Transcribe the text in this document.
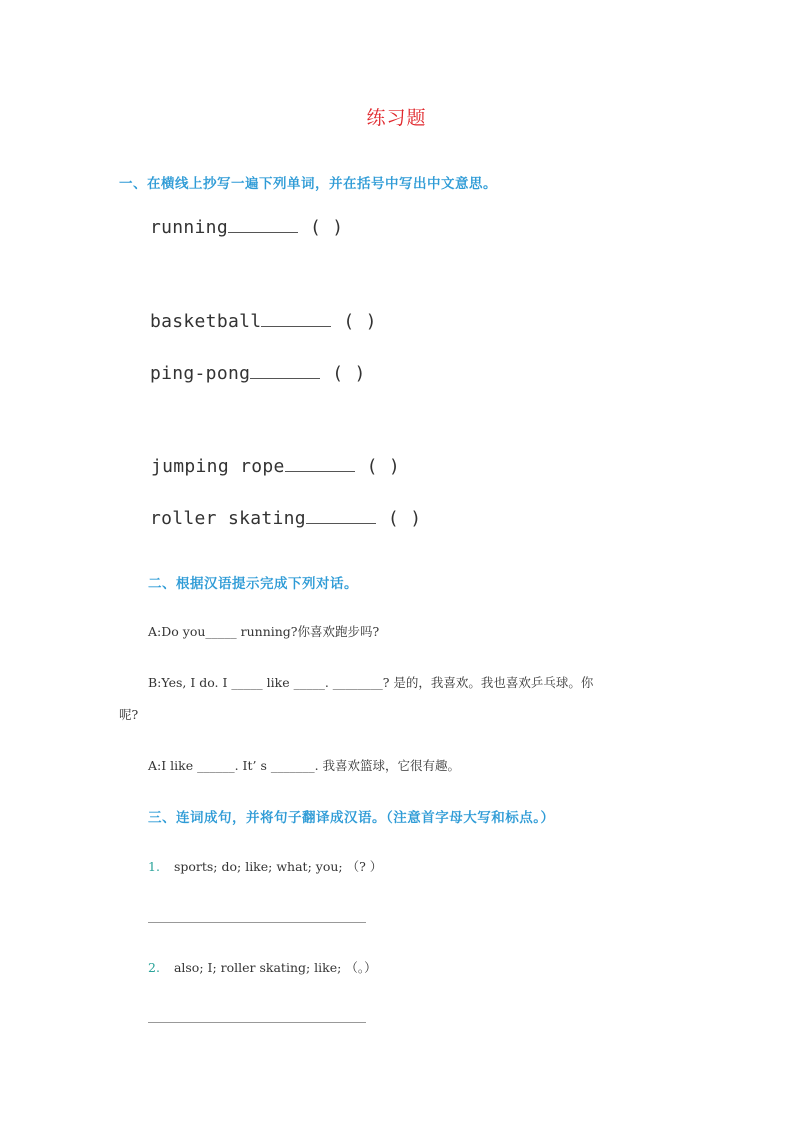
练习题
一、在横线上抄写一遍下列单词，并在括号中写出中文意思。
running	( )
basketball	( )
ping-pong	( )
jumping rope	( )
roller skating	( )
二、根据汉语提示完成下列对话。
A:Do you_____ running?你喜欢跑步吗?
B:Yes, I do. I _____ like _____. ________? 是的，我喜欢。我也喜欢乒乓球。你
呢?
A:I like ______. It’ s _______. 我喜欢篮球，它很有趣。
三、连词成句，并将句子翻译成汉语。（注意首字母大写和标点。）
1. sports; do; like; what; you; （? ）
2. also; I; roller skating; like; （。）
